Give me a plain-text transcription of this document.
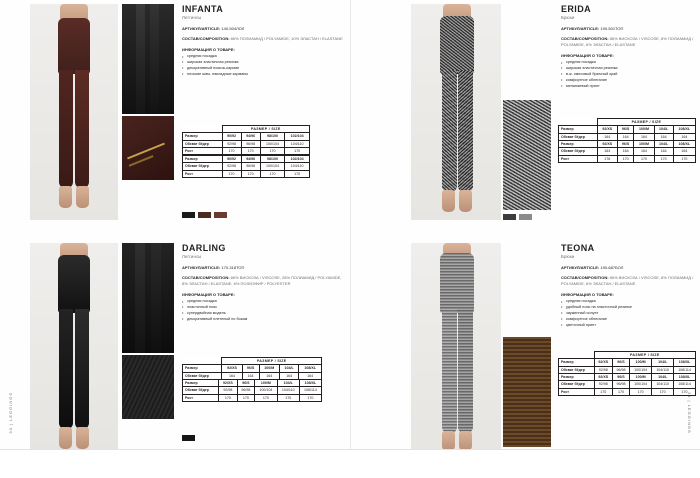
INFANTA
Леггинсы
АРТИКУЛ/ARTICLE: 140-504ЛОЛ
СОСТАВ/COMPOSITION: 86% ПОЛИАМИД / POLYAMIDE, 10% ЭЛАСТАН / ELASTANE
ИНФОРМАЦИЯ О ТОВАРЕ:
• средняя посадка
• широкая эластичная резинка
• декоративный поясок-карман
• плоские швы, накладные карманы
	РАЗМЕР / SIZE			
Размер	90/92	94/96	98/100	102/104
Обхват бёдер	92/98	96/98	100/104	104/110
Рост	170	170	170	170
Размер	90/92	94/96	98/100	102/104
Обхват бёдер	92/98	96/98	100/104	104/110
Рост	170	170	170	170
DARLING
Леггинсы
АРТИКУЛ/ARTICLE: 170-318ТОП
СОСТАВ/COMPOSITION: 86% ВИСКОЗА / VISCOSE, 28% ПОЛИАМИД / POLYAMIDE, 8% ЭЛАСТАН / ELASTANE, 6% ПОЛИЭФИР / POLYESTER
ИНФОРМАЦИЯ О ТОВАРЕ:
• средняя посадка
• эластичный пояс
• супердвойная модель
• декоративный плетеный по бокам
	РАЗМЕР / SIZE				
Размер	92/XS	96/S	100/M	104/L	108/XL
Обхват бёдер	164	164	164	164	164
Размер	92/XS	96/S	100/M	104/L	108/XL
Обхват бёдер	92/98	96/98	100/104	104/110	108/114
Рост	170	170	170	170	170
30 | LEGGINGS
ERIDA
Брюки
АРТИКУЛ/ARTICLE: 190-501ТОП
СОСТАВ/COMPOSITION: 86% ВИСКОЗА / VISCOSE, 8% ПОЛИАМИД / POLYAMIDE, 6% ЭЛАСТАН / ELASTANE
ИНФОРМАЦИЯ О ТОВАРЕ:
• средняя посадка
• широкая эластичная резинка
• в.ж. смесовый брючный край
• комфортное облегание
• меланжевый принт
	РАЗМЕР / SIZE				
Размер	92/XS	96/S	100/M	104/L	108/XL
Обхват бёдер	164	164	164	164	164
Размер	92/XS	96/S	100/M	104/L	108/XL
Обхват бёдер	164	164	164	164	164
Рост	176	170	170	170	170
TEONA
Брюки
АРТИКУЛ/ARTICLE: 190-687БОЛ
СОСТАВ/COMPOSITION: 86% ВИСКОЗА / VISCOSE, 8% ПОЛИАМИД / POLYAMIDE, 6% ЭЛАСТАН / ELASTANE
ИНФОРМАЦИЯ О ТОВАРЕ:
• средняя посадка
• удобный пояс на эластичной резинке
• зауженный силуэт
• комфортное облегание
• цветочный принт
	РАЗМЕР / SIZE				
Размер	92/XS	96/S	100/M	104/L	108/XL
Обхват бёдер	92/98	96/98	100/104	104/110	108/114
Размер	92/XS	96/S	100/M	104/L	108/XL
Обхват бёдер	92/98	96/98	100/104	104/110	108/114
Рост	170	170	170	170	170
31 | LEGGINGS
